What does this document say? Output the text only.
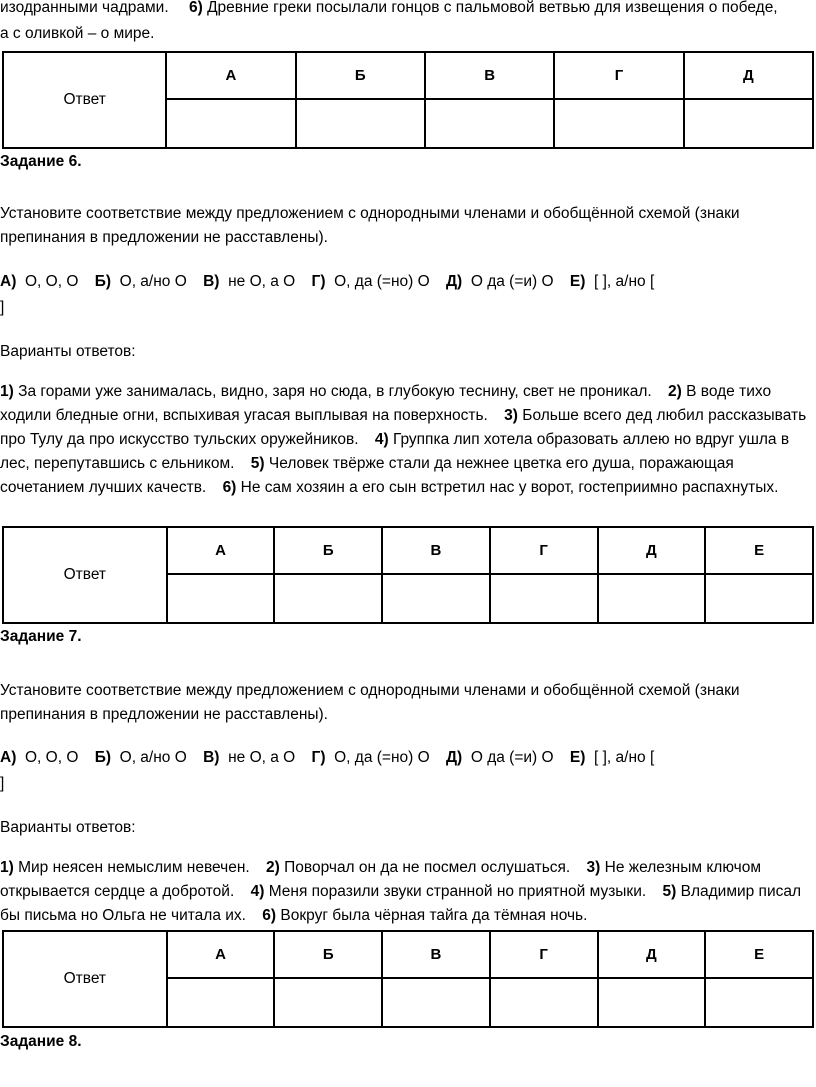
изодранными чадрами. 6) Древние греки посылали гонцов с пальмовой ветвью для извещения о победе,
а с оливкой – о мире.
Ответ	А	Б	В	Г	Д

Задание 6.
Установите соответствие между предложением с однородными членами и обобщённой схемой (знаки препинания в предложении не расставлены).
А) О, О, О Б) О, а/но О В) не О, а О Г) О, да (=но) О Д) О да (=и) О Е) [ ], а/но [
]
Варианты ответов:
1) За горами уже занималась, видно, заря но сюда, в глубокую теснину, свет не проникал. 2) В воде тихо ходили бледные огни, вспыхивая угасая выплывая на поверхность. 3) Больше всего дед любил рассказывать про Тулу да про искусство тульских оружейников. 4) Группка лип хотела образовать аллею но вдруг ушла в лес, перепутавшись с ельником. 5) Человек твёрже стали да нежнее цветка его душа, поражающая сочетанием лучших качеств. 6) Не сам хозяин а его сын встретил нас у ворот, гостеприимно распахнутых.
Ответ	А	Б	В	Г	Д	Е

Задание 7.
Установите соответствие между предложением с однородными членами и обобщённой схемой (знаки препинания в предложении не расставлены).
А) О, О, О Б) О, а/но О В) не О, а О Г) О, да (=но) О Д) О да (=и) О Е) [ ], а/но [
]
Варианты ответов:
1) Мир неясен немыслим невечен. 2) Поворчал он да не посмел ослушаться. 3) Не железным ключом открывается сердце а добротой. 4) Меня поразили звуки странной но приятной музыки. 5) Владимир писал бы письма но Ольга не читала их. 6) Вокруг была чёрная тайга да тёмная ночь.
Ответ	А	Б	В	Г	Д	Е

Задание 8.
